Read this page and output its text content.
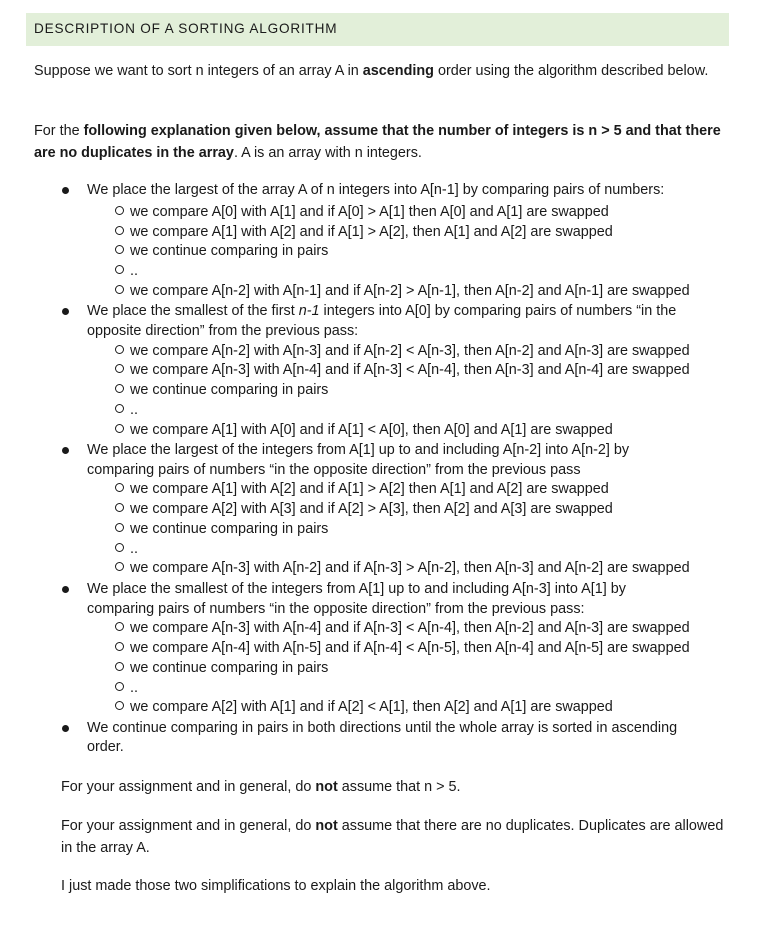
DESCRIPTION OF A SORTING ALGORITHM

Suppose we want to sort n integers of an array A in ascending order using the algorithm described below.

For the following explanation given below, assume that the number of integers is n > 5 and that there are no duplicates in the array. A is an array with n integers.

We place the largest of the array A of n integers into A[n-1] by comparing pairs of numbers:
we compare A[0] with A[1] and if A[0] > A[1] then A[0] and A[1] are swapped
we compare A[1] with A[2] and if A[1] > A[2], then A[1] and A[2] are swapped
we continue comparing in pairs
..
we compare A[n-2] with A[n-1] and if A[n-2] > A[n-1], then A[n-2] and A[n-1] are swapped
We place the smallest of the first n-1 integers into A[0] by comparing pairs of numbers “in the
opposite direction” from the previous pass:
we compare A[n-2] with A[n-3] and if A[n-2] < A[n-3], then A[n-2] and A[n-3] are swapped
we compare A[n-3] with A[n-4] and if A[n-3] < A[n-4], then A[n-3] and A[n-4] are swapped
we continue comparing in pairs
..
we compare A[1] with A[0] and if A[1] < A[0], then A[0] and A[1] are swapped
We place the largest of the integers from A[1] up to and including A[n-2] into A[n-2] by
comparing pairs of numbers “in the opposite direction” from the previous pass
we compare A[1] with A[2] and if A[1] > A[2] then A[1] and A[2] are swapped
we compare A[2] with A[3] and if A[2] > A[3], then A[2] and A[3] are swapped
we continue comparing in pairs
..
we compare A[n-3] with A[n-2] and if A[n-3] > A[n-2], then A[n-3] and A[n-2] are swapped
We place the smallest of the integers from A[1] up to and including A[n-3] into A[1] by
comparing pairs of numbers “in the opposite direction” from the previous pass:
we compare A[n-3] with A[n-4] and if A[n-3] < A[n-4], then A[n-2] and A[n-3] are swapped
we compare A[n-4] with A[n-5] and if A[n-4] < A[n-5], then A[n-4] and A[n-5] are swapped
we continue comparing in pairs
..
we compare A[2] with A[1] and if A[2] < A[1], then A[2] and A[1] are swapped
We continue comparing in pairs in both directions until the whole array is sorted in ascending
order.

For your assignment and in general, do not assume that n > 5.

For your assignment and in general, do not assume that there are no duplicates. Duplicates are allowed in the array A.

I just made those two simplifications to explain the algorithm above.
